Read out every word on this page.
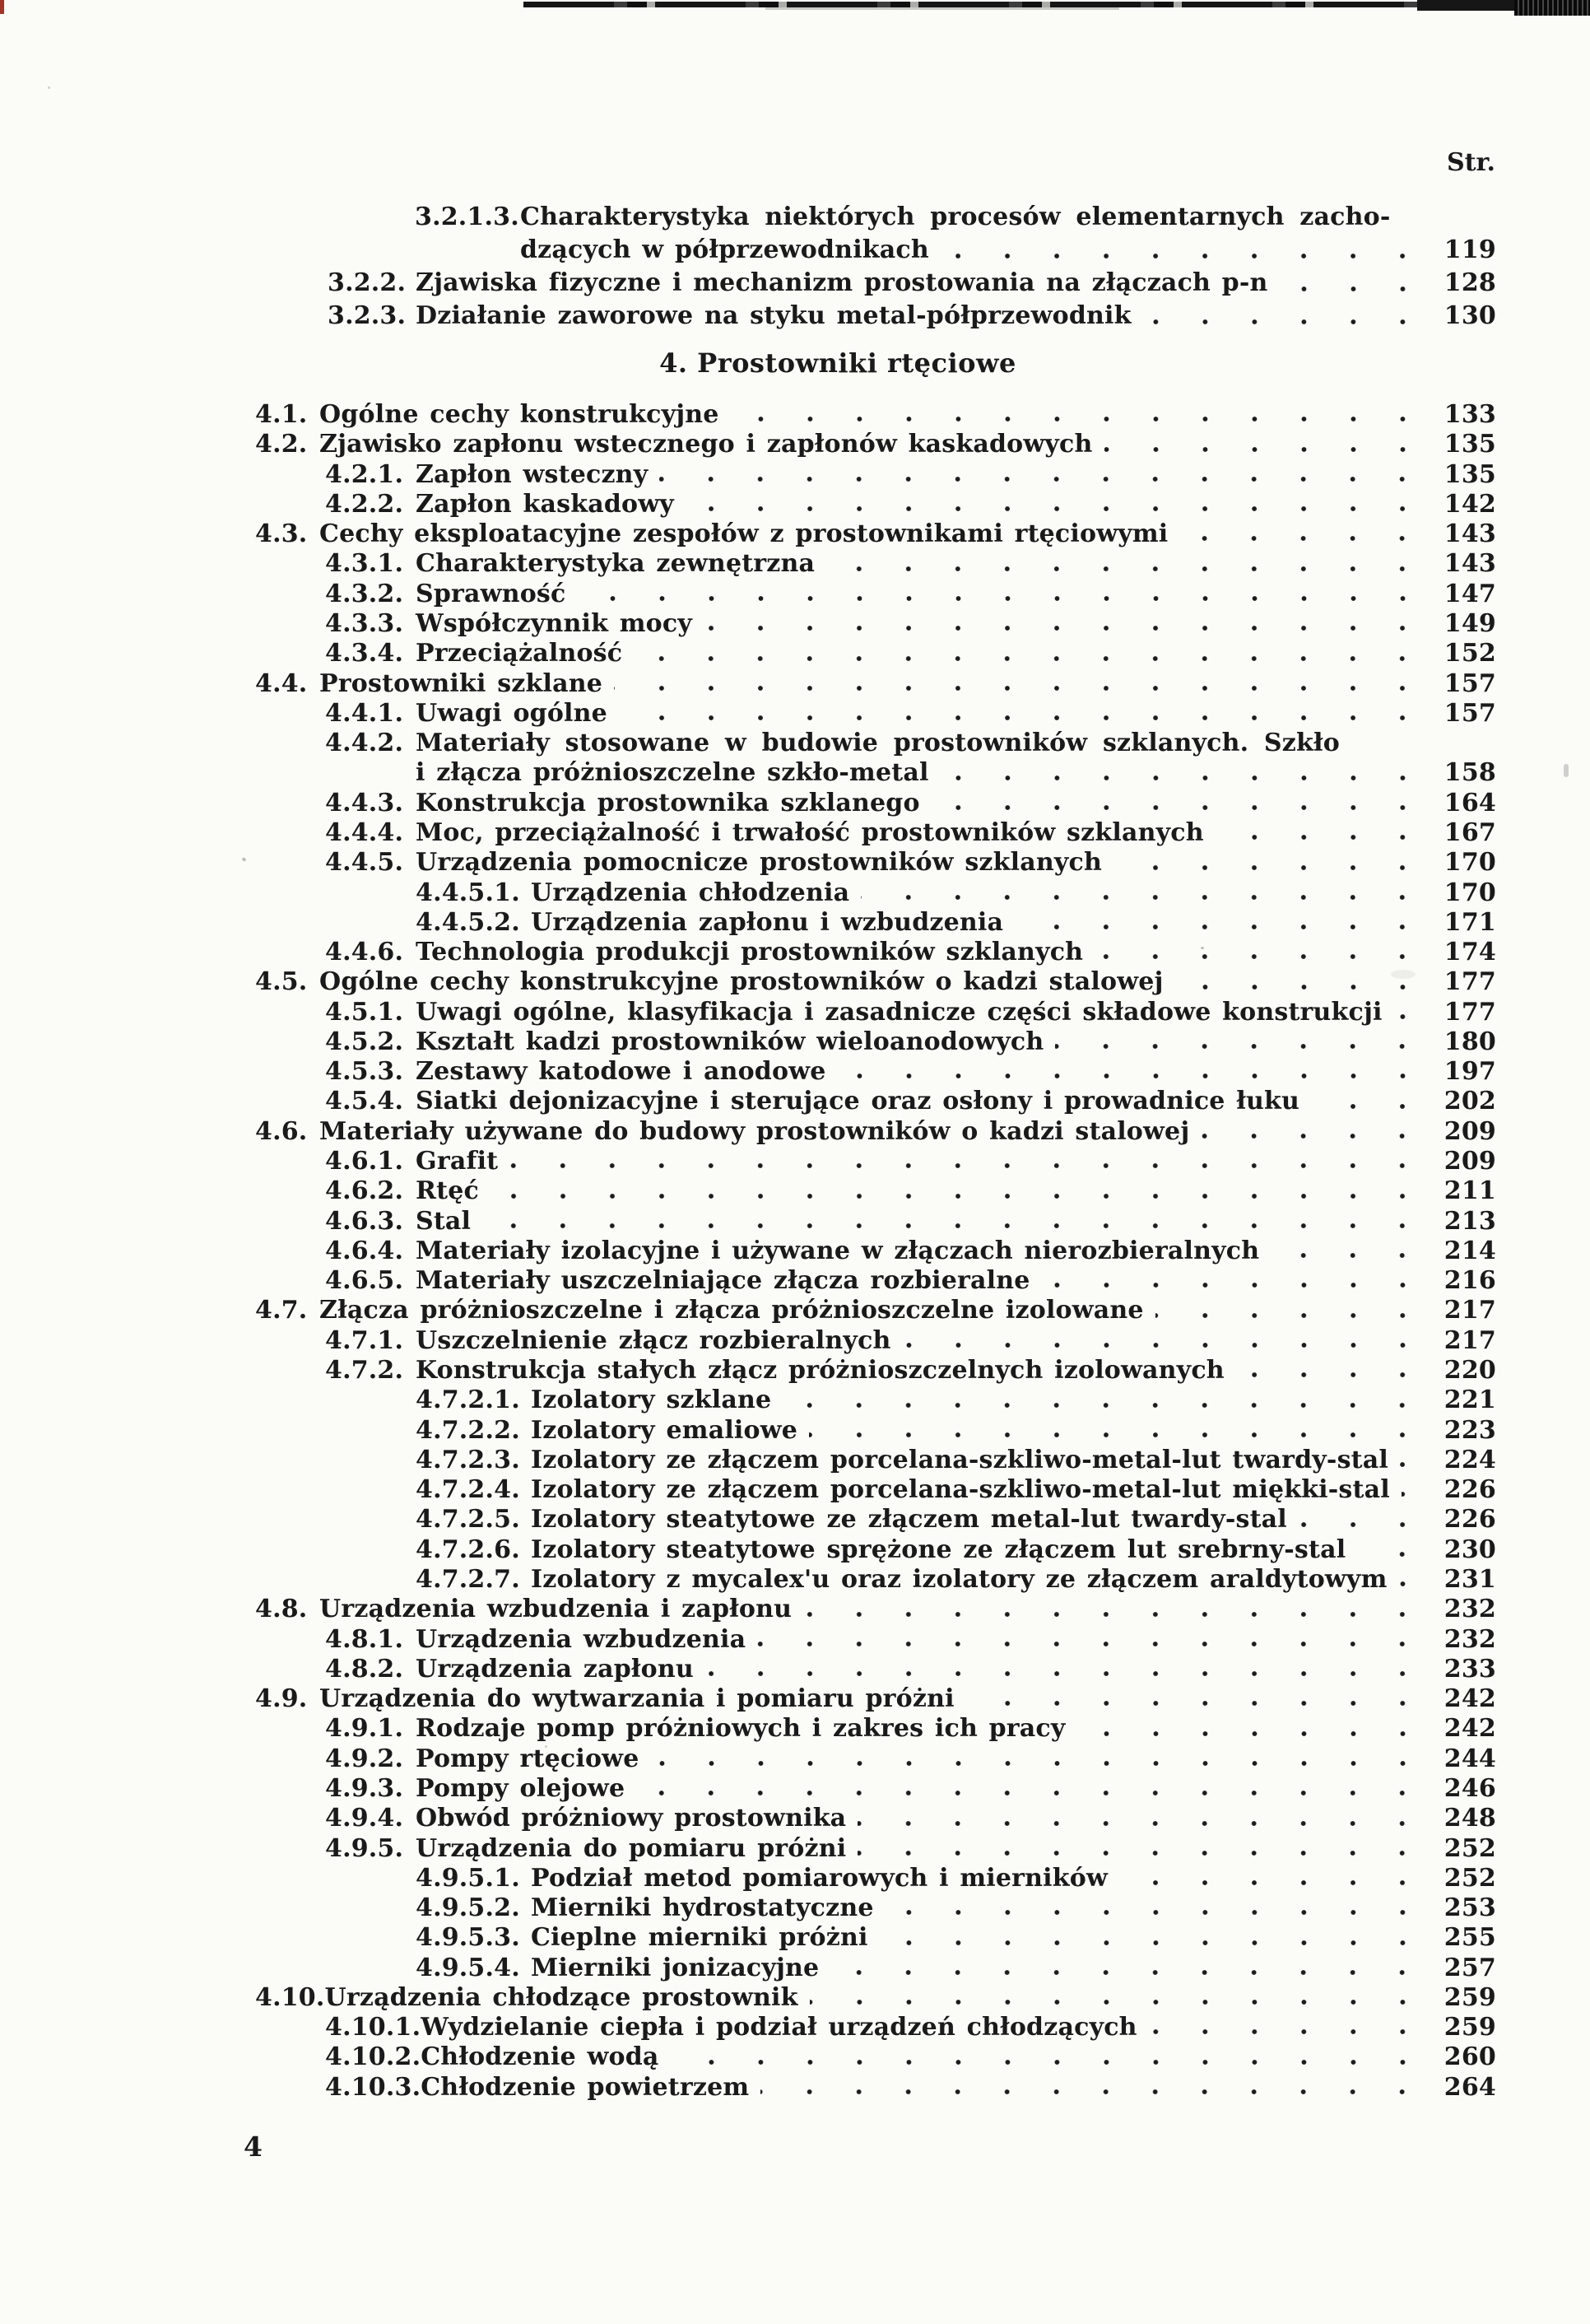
Str.
3.2.1.3. Charakterystyka niektórych procesów elementarnych zacho-
dzących w półprzewodnikach	119
3.2.2. Zjawiska fizyczne i mechanizm prostowania na złączach p-n	128
3.2.3. Działanie zaworowe na styku metal-półprzewodnik	130
4. Prostowniki rtęciowe
4.1. Ogólne cechy konstrukcyjne	133
4.2. Zjawisko zapłonu wstecznego i zapłonów kaskadowych	135
4.2.1. Zapłon wsteczny	135
4.2.2. Zapłon kaskadowy	142
4.3. Cechy eksploatacyjne zespołów z prostownikami rtęciowymi	143
4.3.1. Charakterystyka zewnętrzna	143
4.3.2. Sprawność	147
4.3.3. Współczynnik mocy	149
4.3.4. Przeciążalność	152
4.4. Prostowniki szklane	157
4.4.1. Uwagi ogólne	157
4.4.2. Materiały stosowane w budowie prostowników szklanych. Szkło
i złącza próżnioszczelne szkło-metal	158
4.4.3. Konstrukcja prostownika szklanego	164
4.4.4. Moc, przeciążalność i trwałość prostowników szklanych	167
4.4.5. Urządzenia pomocnicze prostowników szklanych	170
4.4.5.1. Urządzenia chłodzenia	170
4.4.5.2. Urządzenia zapłonu i wzbudzenia	171
4.4.6. Technologia produkcji prostowników szklanych	174
4.5. Ogólne cechy konstrukcyjne prostowników o kadzi stalowej	177
4.5.1. Uwagi ogólne, klasyfikacja i zasadnicze części składowe konstrukcji	177
4.5.2. Kształt kadzi prostowników wieloanodowych	180
4.5.3. Zestawy katodowe i anodowe	197
4.5.4. Siatki dejonizacyjne i sterujące oraz osłony i prowadnice łuku	202
4.6. Materiały używane do budowy prostowników o kadzi stalowej	209
4.6.1. Grafit	209
4.6.2. Rtęć	211
4.6.3. Stal	213
4.6.4. Materiały izolacyjne i używane w złączach nierozbieralnych	214
4.6.5. Materiały uszczelniające złącza rozbieralne	216
4.7. Złącza próżnioszczelne i złącza próżnioszczelne izolowane	217
4.7.1. Uszczelnienie złącz rozbieralnych	217
4.7.2. Konstrukcja stałych złącz próżnioszczelnych izolowanych	220
4.7.2.1. Izolatory szklane	221
4.7.2.2. Izolatory emaliowe	223
4.7.2.3. Izolatory ze złączem porcelana-szkliwo-metal-lut twardy-stal 224
4.7.2.4. Izolatory ze złączem porcelana-szkliwo-metal-lut miękki-stal 226
4.7.2.5. Izolatory steatytowe ze złączem metal-lut twardy-stal	226
4.7.2.6. Izolatory steatytowe sprężone ze złączem lut srebrny-stal	230
4.7.2.7. Izolatory z mycalex'u oraz izolatory ze złączem araldytowym 231
4.8. Urządzenia wzbudzenia i zapłonu	232
4.8.1. Urządzenia wzbudzenia	232
4.8.2. Urządzenia zapłonu	233
4.9. Urządzenia do wytwarzania i pomiaru próżni	242
4.9.1. Rodzaje pomp próżniowych i zakres ich pracy	242
4.9.2. Pompy rtęciowe	244
4.9.3. Pompy olejowe	246
4.9.4. Obwód próżniowy prostownika	248
4.9.5. Urządzenia do pomiaru próżni	252
4.9.5.1. Podział metod pomiarowych i mierników	252
4.9.5.2. Mierniki hydrostatyczne	253
4.9.5.3. Cieplne mierniki próżni	255
4.9.5.4. Mierniki jonizacyjne	257
4.10. Urządzenia chłodzące prostownik	259
4.10.1. Wydzielanie ciepła i podział urządzeń chłodzących	259
4.10.2. Chłodzenie wodą	260
4.10.3. Chłodzenie powietrzem	264
4
